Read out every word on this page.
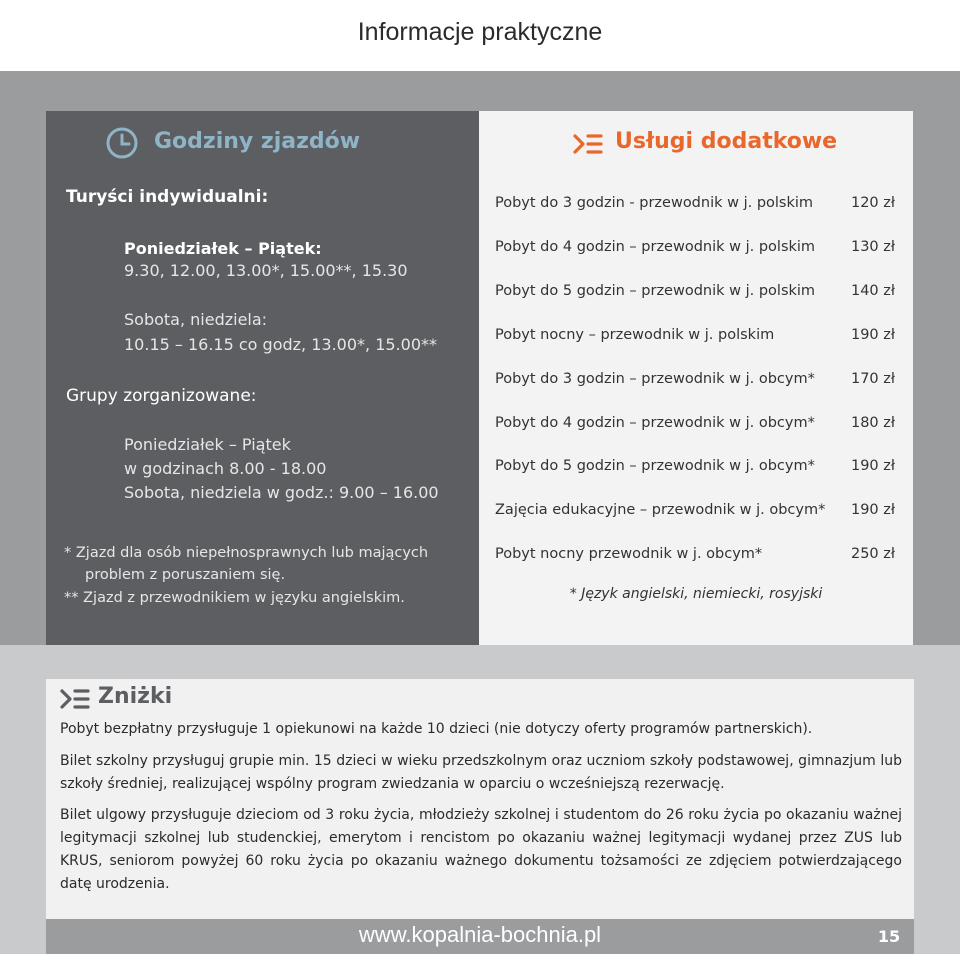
Informacje praktyczne
Godziny zjazdów
Turyści indywidualni:
Poniedziałek – Piątek:
9.30, 12.00, 13.00*, 15.00**, 15.30
Sobota, niedziela:
10.15 – 16.15 co godz, 13.00*, 15.00**
Grupy zorganizowane:
Poniedziałek – Piątek
w godzinach 8.00 - 18.00
Sobota, niedziela w godz.: 9.00 – 16.00
* Zjazd dla osób niepełnosprawnych lub mających
problem z poruszaniem się.
** Zjazd z przewodnikiem w języku angielskim.
Usługi dodatkowe
Pobyt do 3 godzin - przewodnik w j. polskim	120 zł
Pobyt do 4 godzin – przewodnik w j. polskim 130 zł
Pobyt do 5 godzin – przewodnik w j. polskim 140 zł
Pobyt nocny – przewodnik w j. polskim	190 zł
Pobyt do 3 godzin – przewodnik w j. obcym* 170 zł
Pobyt do 4 godzin – przewodnik w j. obcym* 180 zł
Pobyt do 5 godzin – przewodnik w j. obcym* 190 zł
Zajęcia edukacyjne – przewodnik w j. obcym* 190 zł
Pobyt nocny przewodnik w j. obcym*	250 zł
* Język angielski, niemiecki, rosyjski
Zniżki
Pobyt bezpłatny przysługuje 1 opiekunowi na każde 10 dzieci (nie dotyczy oferty programów partnerskich).
Bilet szkolny przysługuj grupie min. 15 dzieci w wieku przedszkolnym oraz uczniom szkoły podstawowej, gimnazjum lub szkoły średniej, realizującej wspólny program zwiedzania w oparciu o wcześniejszą rezerwację.
Bilet ulgowy przysługuje dzieciom od 3 roku życia, młodzieży szkolnej i studentom do 26 roku życia po okazaniu ważnej legitymacji szkolnej lub studenckiej, emerytom i rencistom po okazaniu ważnej legitymacji wydanej przez ZUS lub KRUS, seniorom powyżej 60 roku życia po okazaniu ważnego dokumentu tożsamości ze zdjęciem potwierdzającego datę urodzenia.
www.kopalnia-bochnia.pl	15
